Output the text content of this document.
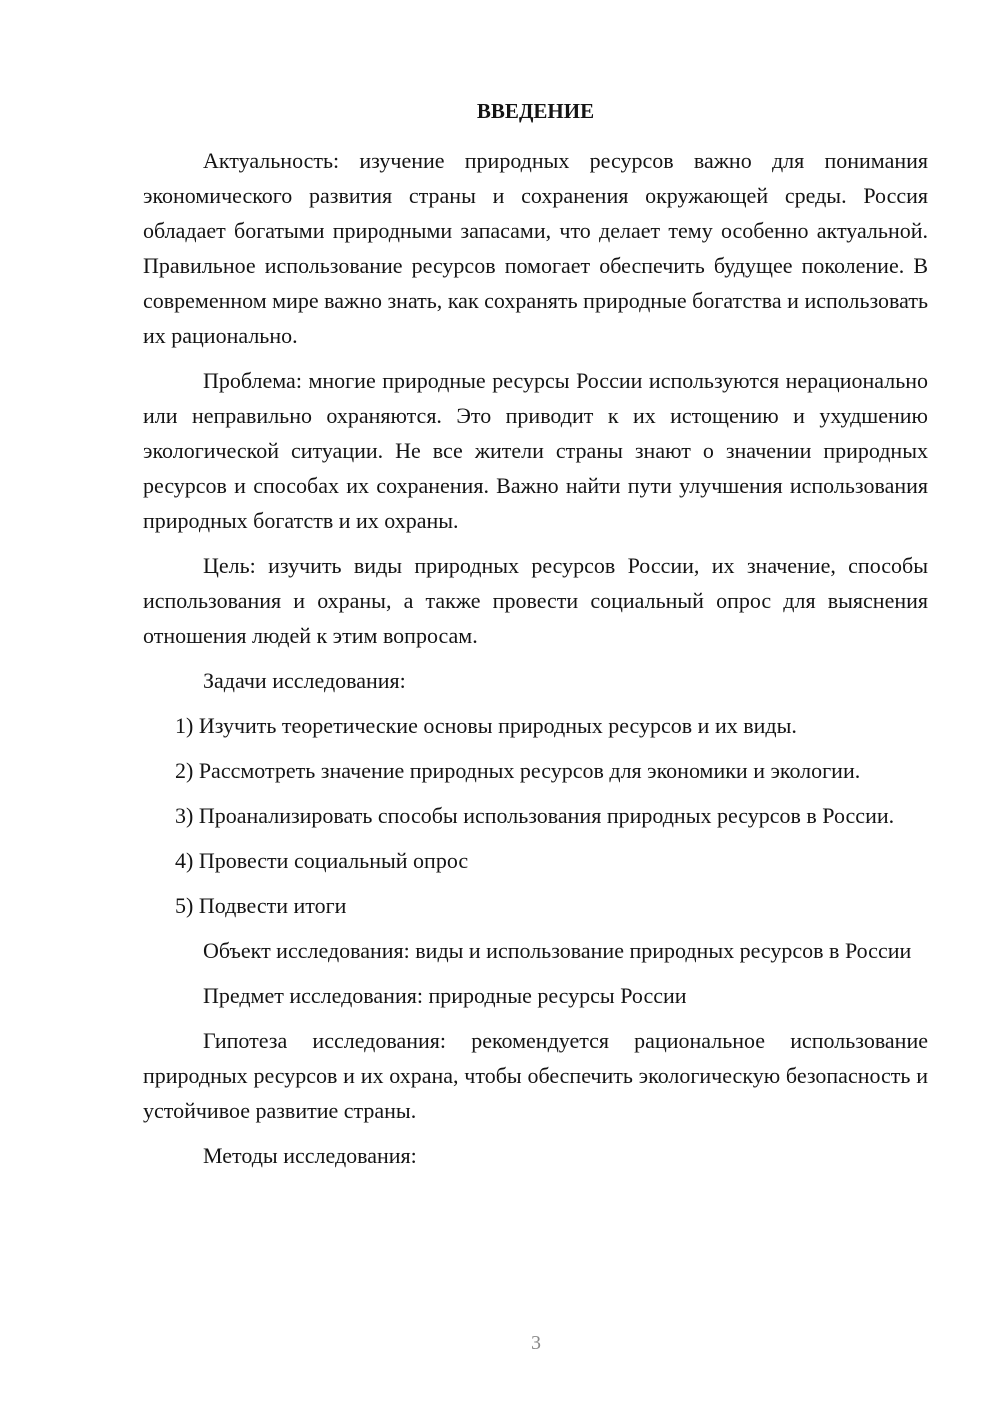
ВВЕДЕНИЕ

Актуальность: изучение природных ресурсов важно для понимания экономического развития страны и сохранения окружающей среды. Россия обладает богатыми природными запасами, что делает тему особенно актуальной. Правильное использование ресурсов помогает обеспечить будущее поколение. В современном мире важно знать, как сохранять природные богатства и использовать их рационально.

Проблема: многие природные ресурсы России используются нерационально или неправильно охраняются. Это приводит к их истощению и ухудшению экологической ситуации. Не все жители страны знают о значении природных ресурсов и способах их сохранения. Важно найти пути улучшения использования природных богатств и их охраны.

Цель: изучить виды природных ресурсов России, их значение, способы использования и охраны, а также провести социальный опрос для выяснения отношения людей к этим вопросам.

Задачи исследования:

1) Изучить теоретические основы природных ресурсов и их виды.

2) Рассмотреть значение природных ресурсов для экономики и экологии.

3) Проанализировать способы использования природных ресурсов в России.

4) Провести социальный опрос

5) Подвести итоги

Объект исследования: виды и использование природных ресурсов в России

Предмет исследования: природные ресурсы России

Гипотеза исследования: рекомендуется рациональное использование природных ресурсов и их охрана, чтобы обеспечить экологическую безопасность и устойчивое развитие страны.

Методы исследования:

3
